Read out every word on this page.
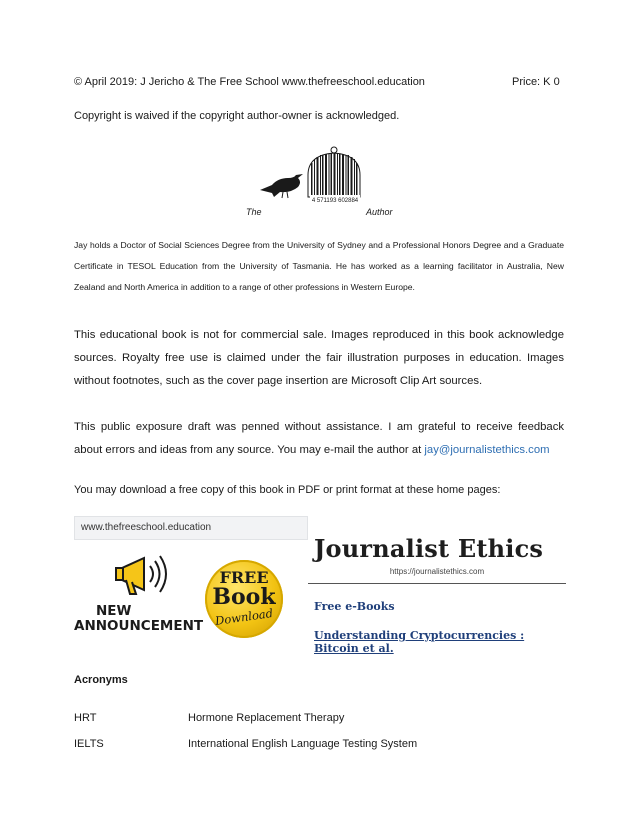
© April 2019: J Jericho & The Free School www.thefreeschool.education	Price: K 0
Copyright is waived if the copyright author-owner is acknowledged.
4 571193 602884
The	Author
Jay holds a Doctor of Social Sciences Degree from the University of Sydney and a Professional Honors Degree and a Graduate Certificate in TESOL Education from the University of Tasmania. He has worked as a learning facilitator in Australia, New Zealand and North America in addition to a range of other professions in Western Europe.
This educational book is not for commercial sale. Images reproduced in this book acknowledge sources. Royalty free use is claimed under the fair illustration purposes in education. Images without footnotes, such as the cover page insertion are Microsoft Clip Art sources.
This public exposure draft was penned without assistance. I am grateful to receive feedback about errors and ideas from any source. You may e-mail the author at jay@journalistethics.com
You may download a free copy of this book in PDF or print format at these home pages:
www.thefreeschool.education
NEW
ANNOUNCEMENT
FREE
Book
Download
Journalist Ethics
https://journalistethics.com
Free e-Books
Understanding Cryptocurrencies : Bitcoin et al.
Acronyms
HRT	Hormone Replacement Therapy
IELTS	International English Language Testing System
